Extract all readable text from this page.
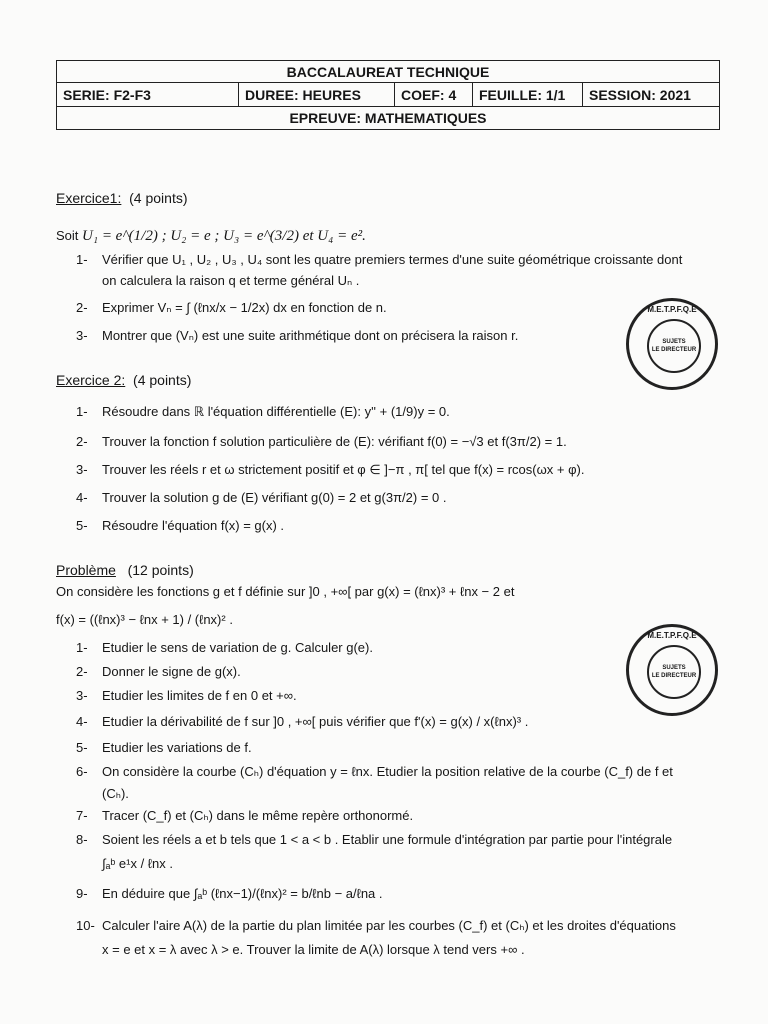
BACCALAUREAT TECHNIQUE
SERIE: F2-F3	DUREE: HEURES	COEF: 4	FEUILLE: 1/1	SESSION: 2021
EPREUVE: MATHEMATIQUES
Exercice1: (4 points)
Soit U₁ = e^(1/2) ; U₂ = e ; U₃ = e^(3/2) et U₄ = e².
1- Vérifier que U₁ , U₂ , U₃ , U₄ sont les quatre premiers termes d'une suite géométrique croissante dont
on calculera la raison q et terme général Uₙ .
2- Exprimer Vₙ = ∫ (ℓnx/x − 1/2x) dx en fonction de n.
3- Montrer que (Vₙ) est une suite arithmétique dont on précisera la raison r.
M.E.T.P.F.Q.E
SUJETS
LE DIRECTEUR
Exercice 2: (4 points)
1- Résoudre dans ℝ l'équation différentielle (E): y'' + (1/9)y = 0.
2- Trouver la fonction f solution particulière de (E): vérifiant f(0) = −√3 et f(3π/2) = 1.
3- Trouver les réels r et ω strictement positif et φ ∈ ]−π , π[ tel que f(x) = rcos(ωx + φ).
4- Trouver la solution g de (E) vérifiant g(0) = 2 et g(3π/2) = 0 .
5- Résoudre l'équation f(x) = g(x) .
Problème (12 points)
On considère les fonctions g et f définie sur ]0 , +∞[ par g(x) = (ℓnx)³ + ℓnx − 2 et
f(x) = ((ℓnx)³ − ℓnx + 1) / (ℓnx)² .
1- Etudier le sens de variation de g. Calculer g(e).
2- Donner le signe de g(x).
3- Etudier les limites de f en 0 et +∞.
4- Etudier la dérivabilité de f sur ]0 , +∞[ puis vérifier que f'(x) = g(x) / x(ℓnx)³ .
5- Etudier les variations de f.
6- On considère la courbe (Cₕ) d'équation y = ℓnx. Etudier la position relative de la courbe (C_f) de f et
(Cₕ).
7- Tracer (C_f) et (Cₕ) dans le même repère orthonormé.
8- Soient les réels a et b tels que 1 < a < b . Etablir une formule d'intégration par partie pour l'intégrale
∫ₐᵇ e¹x / ℓnx .
9- En déduire que ∫ₐᵇ (ℓnx−1)/(ℓnx)² = b/ℓnb − a/ℓna .
10- Calculer l'aire A(λ) de la partie du plan limitée par les courbes (C_f) et (Cₕ) et les droites d'équations
x = e et x = λ avec λ > e. Trouver la limite de A(λ) lorsque λ tend vers +∞ .
M.E.T.P.F.Q.E
SUJETS
LE DIRECTEUR
